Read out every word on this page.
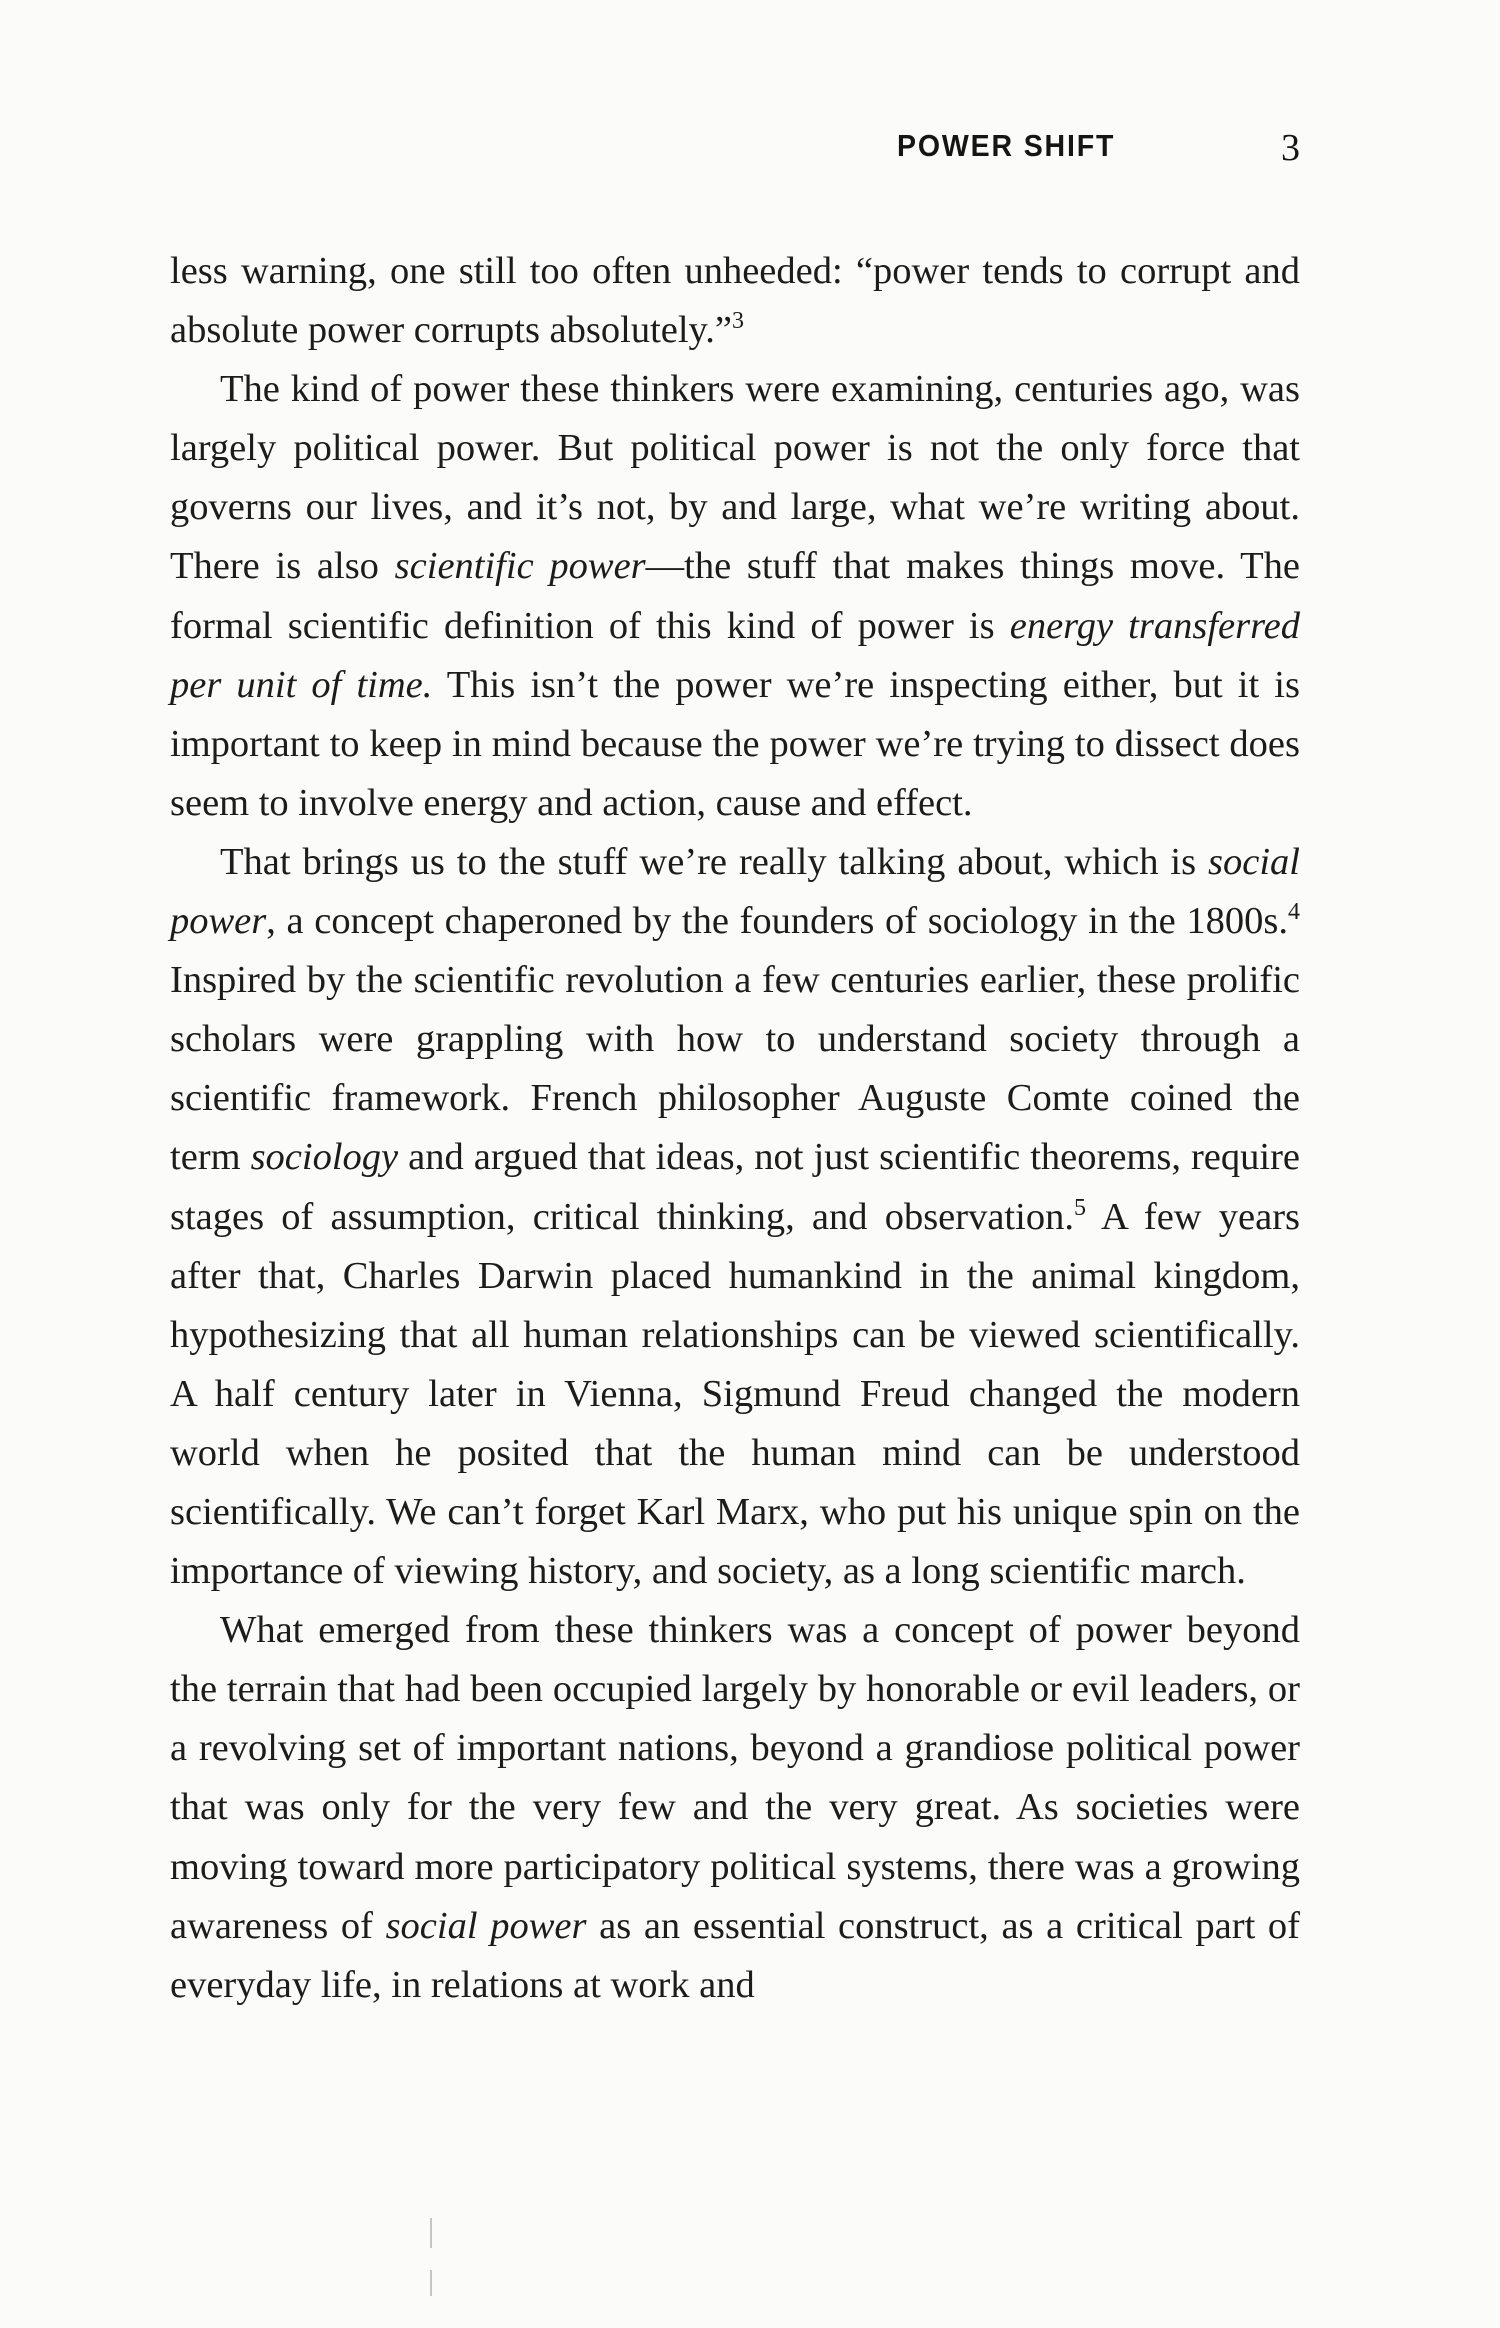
POWER SHIFT	3

less warning, one still too often unheeded: “power tends to corrupt and absolute power corrupts absolutely.”$^3$

The kind of power these thinkers were examining, centuries ago, was largely political power. But political power is not the only force that governs our lives, and it’s not, by and large, what we’re writing about. There is also scientific power—the stuff that makes things move. The formal scientific definition of this kind of power is energy transferred per unit of time. This isn’t the power we’re inspecting either, but it is important to keep in mind because the power we’re trying to dissect does seem to involve energy and action, cause and effect.

That brings us to the stuff we’re really talking about, which is social power, a concept chaperoned by the founders of sociology in the 1800s.$^4$ Inspired by the scientific revolution a few centuries earlier, these prolific scholars were grappling with how to understand society through a scientific framework. French philosopher Auguste Comte coined the term sociology and argued that ideas, not just scientific theorems, require stages of assumption, critical thinking, and observation.$^5$ A few years after that, Charles Darwin placed humankind in the animal kingdom, hypothesizing that all human relationships can be viewed scientifically. A half century later in Vienna, Sigmund Freud changed the modern world when he posited that the human mind can be understood scientifically. We can’t forget Karl Marx, who put his unique spin on the importance of viewing history, and society, as a long scientific march.

What emerged from these thinkers was a concept of power beyond the terrain that had been occupied largely by honorable or evil leaders, or a revolving set of important nations, beyond a grandiose political power that was only for the very few and the very great. As societies were moving toward more participatory political systems, there was a growing awareness of social power as an essential construct, as a critical part of everyday life, in relations at work and
